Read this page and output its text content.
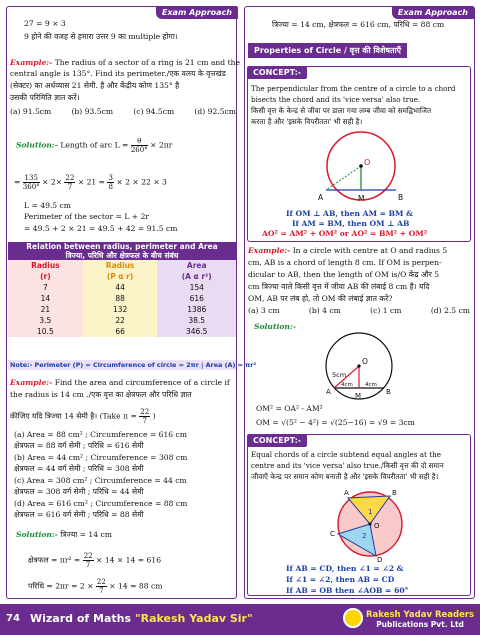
Exam Approach
27 = 9 × 3
9 होने की वजह से हमारा उत्तर 9 का multiple होगा।
Example:- The radius of a sector of a ring is 21 cm and the
central angle is 135°. Find its perimeter./एक वलय के वृत्तखंड
(सेक्टर) का अर्धव्यास 21 सेमी. है और केंद्रीय कोण 135° है
उसकी परिमिति ज्ञात करें।
(a) 91.5cm	(b) 93.5cm	(c) 94.5cm	(d) 92.5cm
Solution:- Length of arc $L = \frac{\theta}{260^\circ} \times 2\pi r$
= $\frac{135}{360^\circ} \times 2\times \frac{22}{7} \times 21 = \frac{3}{8} \times 2 \times 22 \times 3$
L = 49.5 cm
Perimeter of the sector = L + 2r
= 49.5 + 2 × 21 = 49.5 + 42 = 91.5 cm
Relation between radius, perimeter and Area
त्रिज्या, परिधि और क्षेत्रफल के बीच संबंध		

Radius	Radius	Area
(r)	(P α r)	(A α r²)
7	44	154
14	88	616
21	132	1386
3.5	22	38.5
10.5	66	346.5
Note:- Perimeter (P) = Circumference of circle = 2πr | Area (A) = πr²
Example:- Find the area and circumference of a circle if
the radius is 14 cm ./एक वृत्त का क्षेत्रफल और परिधि ज्ञात
कीजिए यदि त्रिज्या 14 सेमी है। (Take $\pi = \frac{22}{7}$ )
(a) Area = 88 cm² ; Circumference = 616 cm
क्षेत्रफल = 88 वर्ग सेमी ; परिधि = 616 सेमी
(b) Area = 44 cm² ; Circumference = 308 cm
क्षेत्रफल = 44 वर्ग सेमी ; परिधि = 308 सेमी
(c) Area = 308 cm² ; Circumference = 44 cm
क्षेत्रफल = 308 वर्ग सेमी ; परिधि = 44 सेमी
(d) Area = 616 cm² ; Circumference = 88 cm
क्षेत्रफल = 616 वर्ग सेमी ; परिधि = 88 सेमी
Solution:- त्रिज्या = 14 cm
क्षेत्रफल = $\pi r^2 = \frac{22}{7} \times 14 \times 14 = 616$
परिधि = $2\pi r = 2 \times \frac{22}{7} \times 14 = 88$ cm
Exam Approach
त्रिज्या = 14 cm, क्षेत्रफल = 616 cm, परिधि = 88 cm
Properties of Circle / वृत्त की विशेषताएँ
CONCEPT:-
The perpendicular from the centre of a circle to a chord
bisects the chord and its 'vice versa' also true.
किसी वृत्त के केन्द्र से जीवा पर डाला गया लम्ब जीवा को समद्विभाजित
करता है और 'इसके विपरीतता' भी सही है।
O
A	M	B
If OM ⊥ AB, then AM = BM &
If AM = BM, then OM ⊥ AB
AO² = AM² + OM² or AO² = BM² + OM²
Example:- In a circle with centre at O and radius 5
cm, AB is a chord of length 8 cm. If OM is perpen-
dicular to AB, then the length of OM is/O केंद्र और 5
cm त्रिज्या वाले किसी वृत्त में जीवा AB की लंबाई 8 cm है। यदि
OM, AB पर लंब हो, तो OM की लंबाई ज्ञात करें?
(a) 3 cm	(b) 4 cm	(c) 1 cm	(d) 2.5 cm
Solution:-
O
5cm
A	M	B
4cm 4cm
OM² = OA² - AM²
OM = √(5² − 4²) = √(25−16) = √9 = 3cm
CONCEPT:-
Equal chords of a circle subtend equal angles at the
centre and its 'vice versa' also true./किसी वृत्त की दो समान
जीवाएँ केन्द्र पर समान कोण बनाती है और 'इसके विपरीतता' भी सही है।
A	B
O
1
2
C
D
If AB = CD, then ∠1 = ∠2 &
If ∠1 = ∠2, then AB = CD
If AB = OB then ∠AOB = 60°
74 Wizard of Maths "Rakesh Yadav Sir"	Rakesh Yadav Readers
Publications Pvt. Ltd
